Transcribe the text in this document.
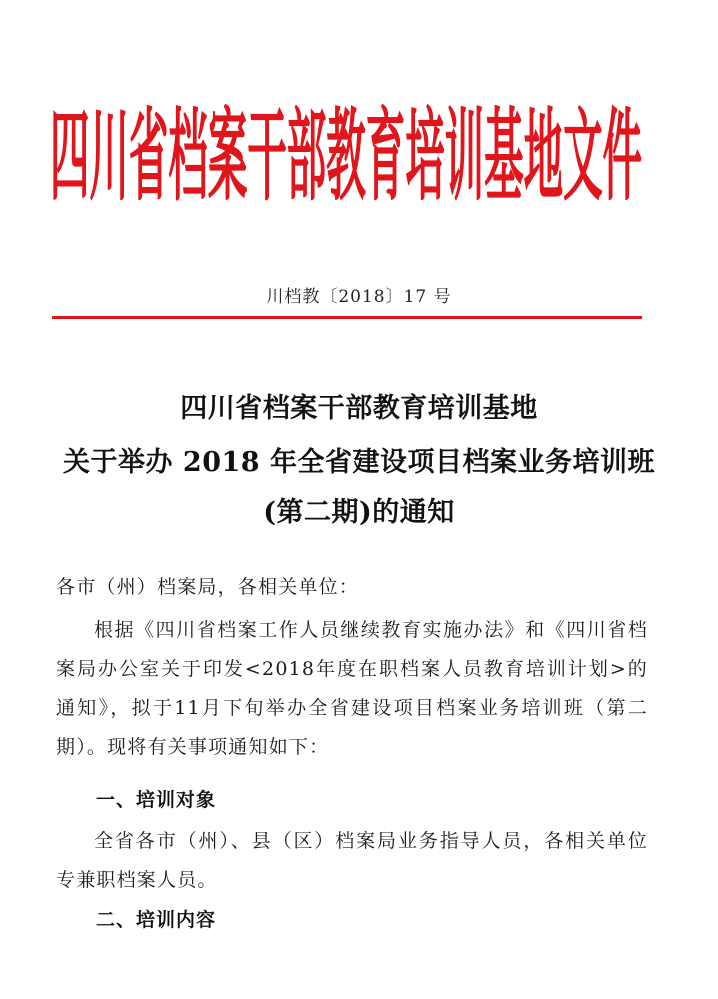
四川省档案干部教育培训基地文件
川档教〔2018〕17 号
四川省档案干部教育培训基地
关于举办 2018 年全省建设项目档案业务培训班
(第二期)的通知
各市（州）档案局，各相关单位：
根据《四川省档案工作人员继续教育实施办法》和《四川省档案局办公室关于印发<2018年度在职档案人员教育培训计划>的通知》，拟于11月下旬举办全省建设项目档案业务培训班（第二期）。现将有关事项通知如下：
一、培训对象
全省各市（州）、县（区）档案局业务指导人员，各相关单位专兼职档案人员。
二、培训内容
